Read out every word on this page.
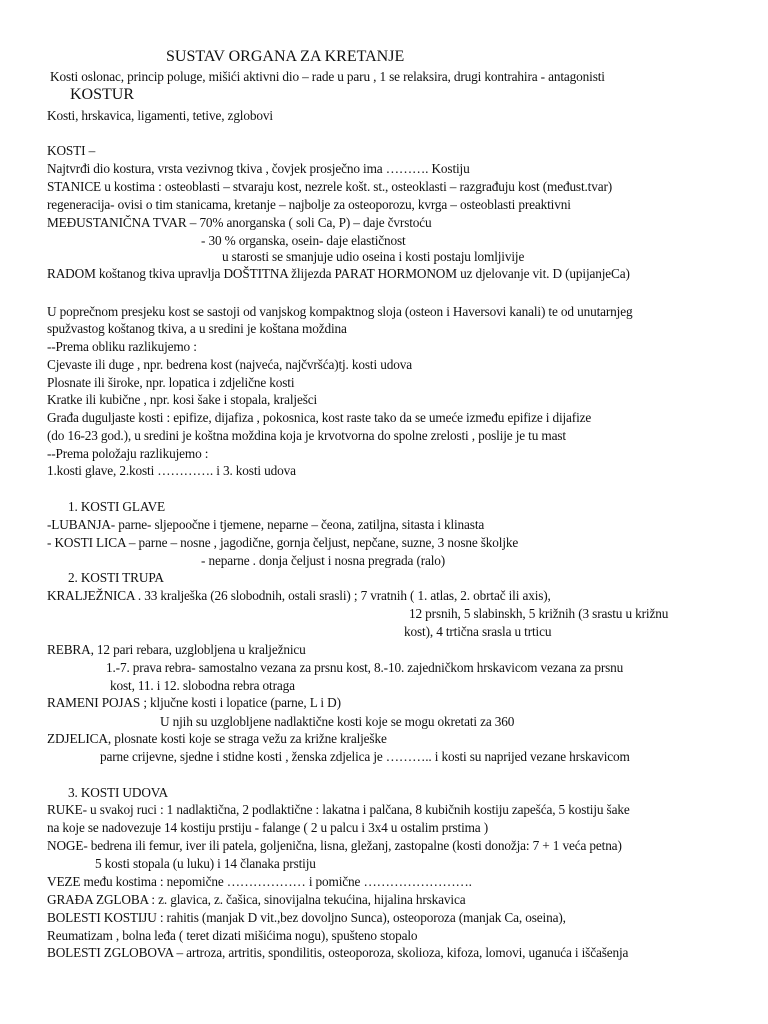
SUSTAV ORGANA ZA KRETANJE
Kosti oslonac, princip poluge, mišići aktivni dio – rade u paru , 1 se relaksira, drugi kontrahira - antagonisti
KOSTUR
Kosti, hrskavica, ligamenti, tetive, zglobovi
KOSTI –
Najtvrđi dio kostura, vrsta vezivnog tkiva , čovjek prosječno ima ………. Kostiju
STANICE u kostima : osteoblasti – stvaraju kost, nezrele košt. st., osteoklasti – razgrađuju kost (međust.tvar)
regeneracija- ovisi o tim stanicama, kretanje – najbolje za osteoporozu, kvrga – osteoblasti preaktivni
MEĐUSTANIČNA TVAR – 70% anorganska ( soli Ca, P) – daje čvrstoću
- 30 % organska, osein- daje elastičnost
u starosti se smanjuje udio oseina i kosti postaju lomljivije
RADOM koštanog tkiva upravlja DOŠTITNA žlijezda PARAT HORMONOM uz djelovanje vit. D (upijanjeCa)
U poprečnom presjeku kost se sastoji od vanjskog kompaktnog sloja (osteon i Haversovi kanali) te od unutarnjeg
spužvastog koštanog tkiva, a u sredini je koštana moždina
--Prema obliku razlikujemo :
Cjevaste ili duge , npr. bedrena kost (najveća, najčvršća)tj. kosti udova
Plosnate ili široke, npr. lopatica i zdjelične kosti
Kratke ili kubične , npr. kosi šake i stopala, kralješci
Građa duguljaste kosti : epifize, dijafiza , pokosnica, kost raste tako da se umeće između epifize i dijafize
(do 16-23 god.), u sredini je koštna moždina koja je krvotvorna do spolne zrelosti , poslije je tu mast
--Prema položaju razlikujemo :
1.kosti glave, 2.kosti …………. i 3. kosti udova
1. KOSTI GLAVE
-LUBANJA- parne- sljepoočne i tjemene, neparne – čeona, zatiljna, sitasta i klinasta
- KOSTI LICA – parne – nosne , jagodične, gornja čeljust, nepčane, suzne, 3 nosne školjke
- neparne . donja čeljust i nosna pregrada (ralo)
2. KOSTI TRUPA
KRALJEŽNICA . 33 kralješka (26 slobodnih, ostali srasli) ; 7 vratnih ( 1. atlas, 2. obrtač ili axis),
12 prsnih, 5 slabinskh, 5 križnih (3 srastu u križnu
kost), 4 trtična srasla u trticu
REBRA, 12 pari rebara, uzgloblj​ena u kralježnicu
1.-7. prava rebra- samostalno vezana za prsnu kost, 8.-10. zajedničkom hrskavicom vezana za prsnu
kost, 11. i 12. slobodna rebra otraga
RAMENI POJAS ; ključne kosti i lopatice (parne, L i D)
U njih su uzgloblj​ene nadlaktične kosti koje se mogu okretati za 360
ZDJELICA, plosnate kosti koje se straga vežu za križne kralješke
parne crijevne, sjedne i stidne kosti , ženska zdjelica je ……….. i kosti su naprijed vezane hrskavicom
3. KOSTI UDOVA
RUKE- u svakoj ruci : 1 nadlaktična, 2 podlaktične : lakatna i palčana, 8 kubičnih kostiju zapešća, 5 kostiju šake
na koje se nadovezuje 14 kostiju prstiju - falange ( 2 u palcu i 3x4 u ostalim prstima )
NOGE- bedrena ili femur, iver ili patela, goljenična, lisna, gležanj, zastopalne (kosti donožja: 7 + 1 veća petna)
5 kosti stopala (u luku) i 14 članaka prstiju
VEZE među kostima : nepomične ……………… i pomične …………………….
GRAĐA ZGLOBA : z. glavica, z. čašica, sinovijalna tekućina, hijalina hrskavica
BOLESTI KOSTIJU : rahitis (manjak D vit.,bez dovoljno Sunca), osteoporoza (manjak Ca, oseina),
Reumatizam , bolna leđa ( teret dizati mišićima nogu), spušteno stopalo
BOLESTI ZGLOBOVA – artroza, artritis, spondilitis, osteoporoza, skolioza, kifoza, lomovi, uganuća i iščašenja
